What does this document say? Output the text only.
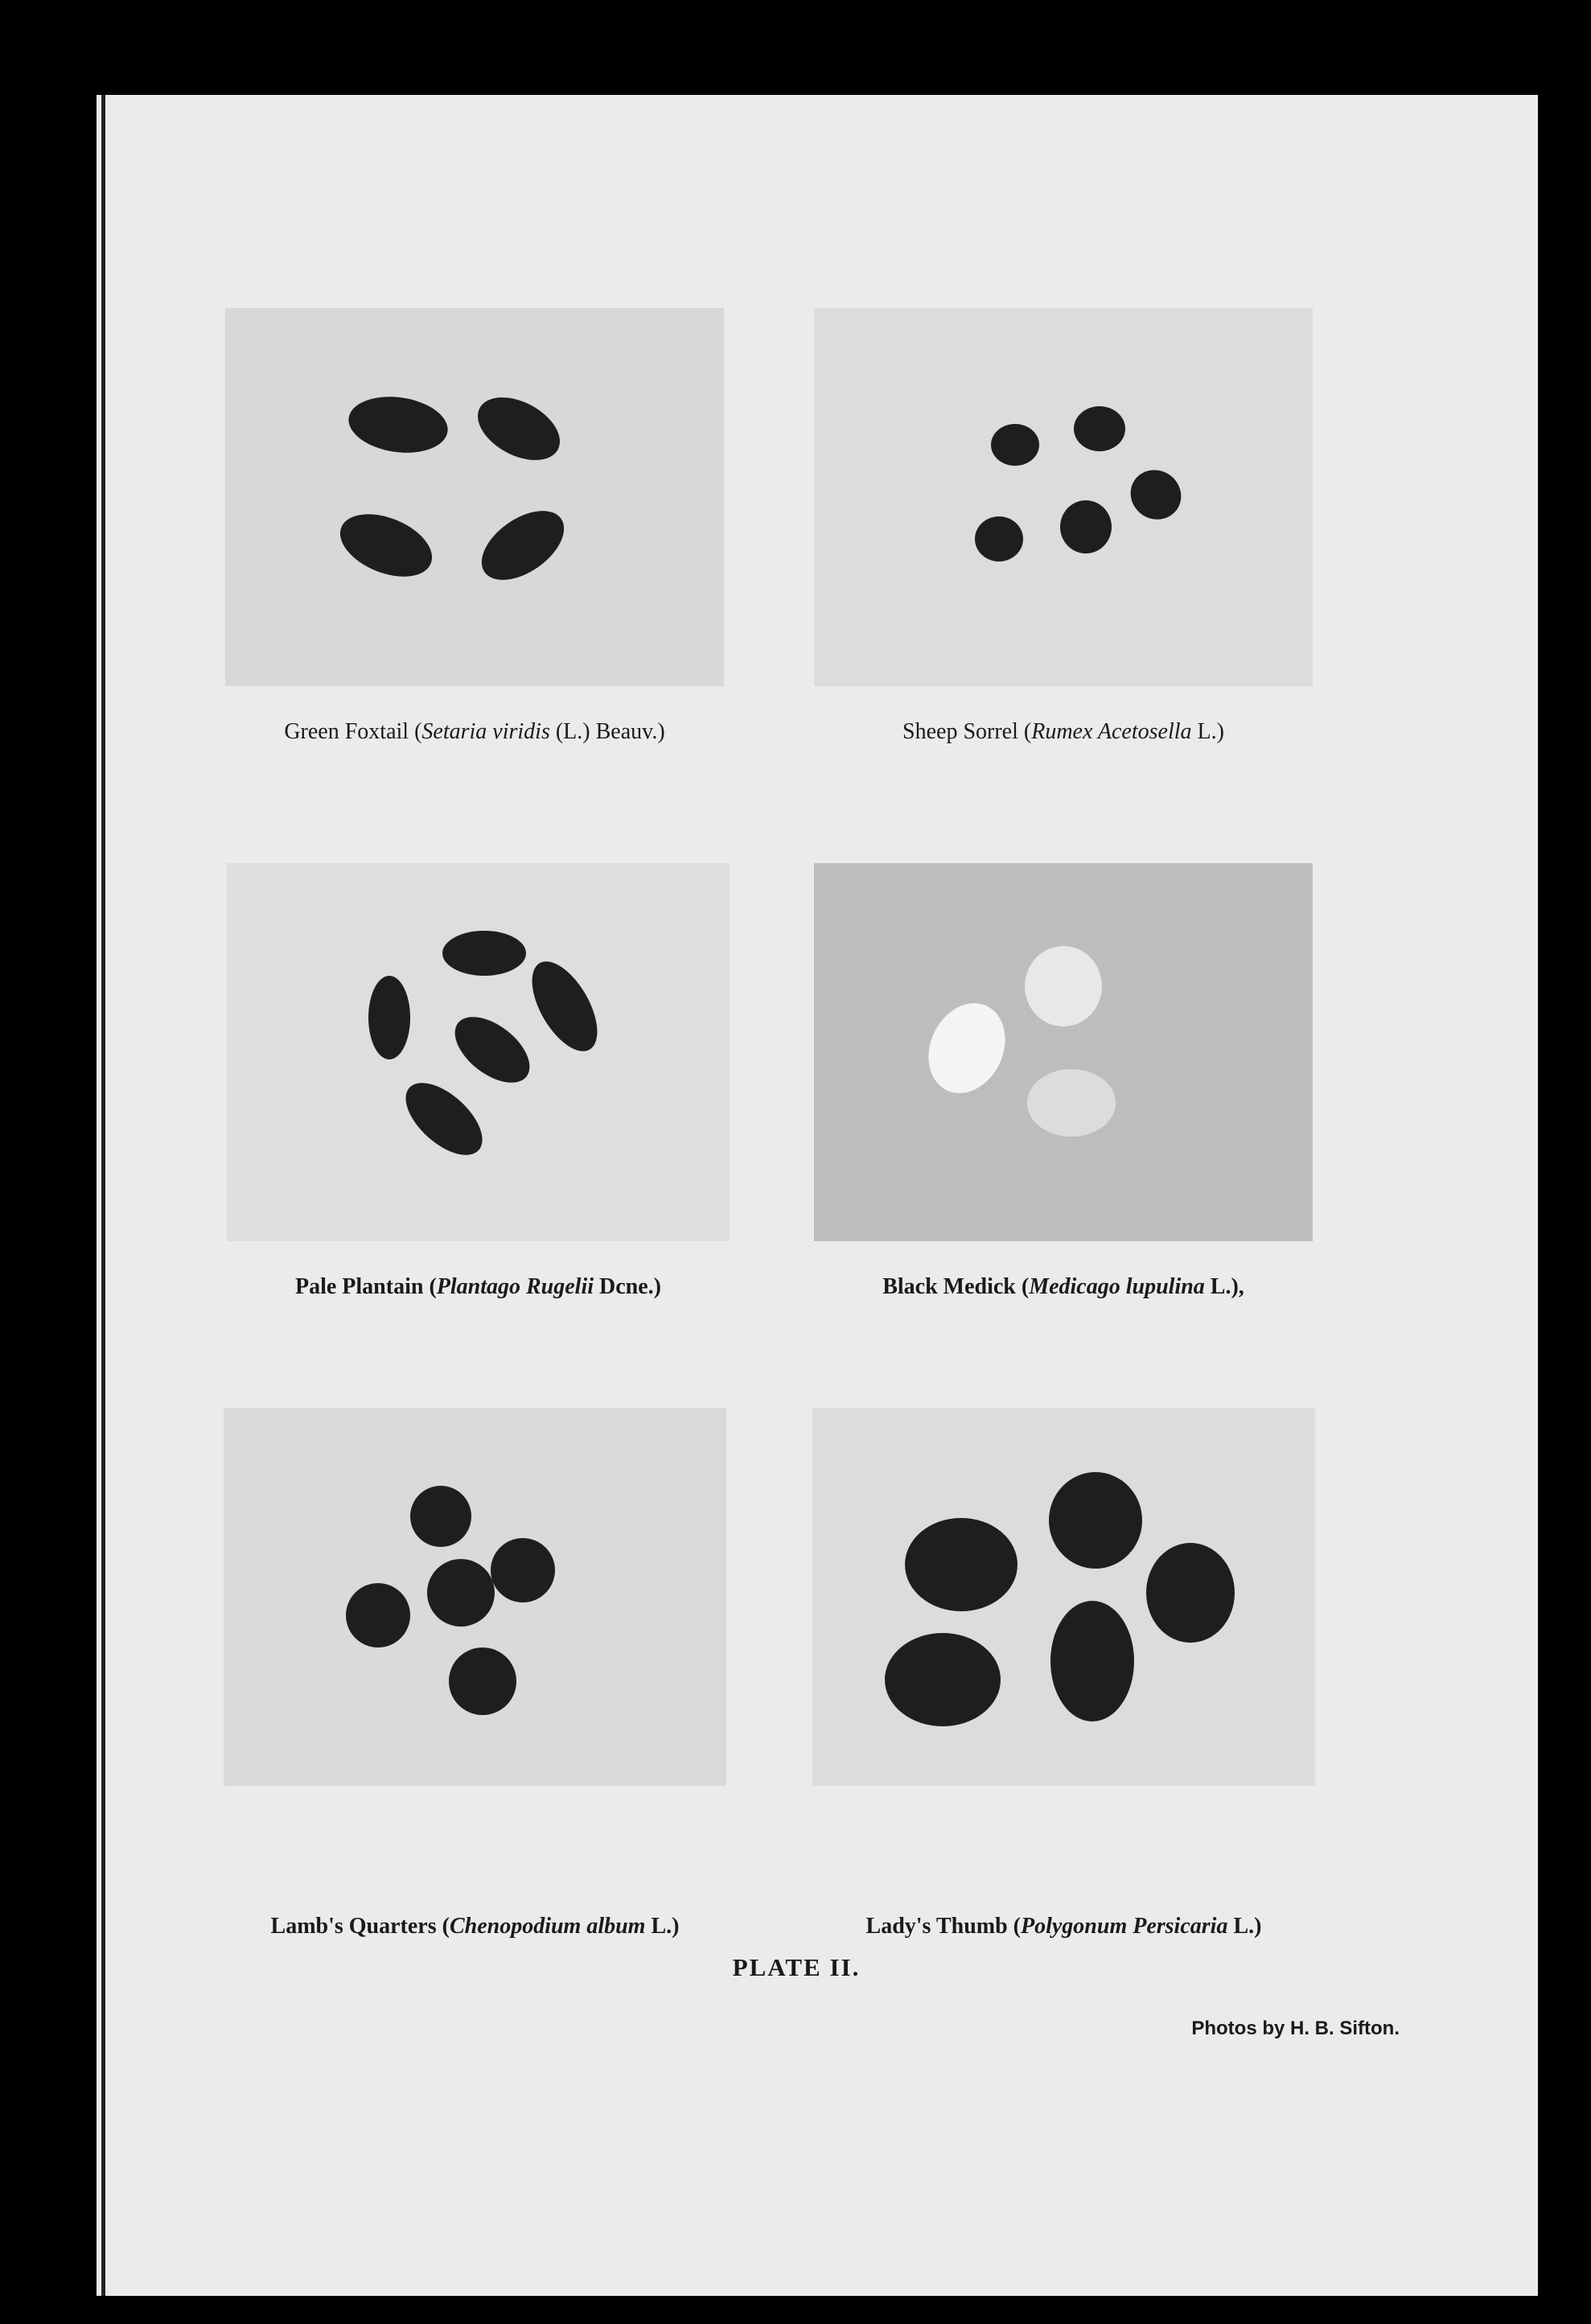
Green Foxtail (Setaria viridis (L.) Beauv.)	Sheep Sorrel (Rumex Acetosella L.)
Pale Plantain (Plantago Rugelii Dcne.)	Black Medick (Medicago lupulina L.),
Lamb's Quarters (Chenopodium album L.)	Lady's Thumb (Polygonum Persicaria L.)
PLATE II.
Photos by H. B. Sifton.
